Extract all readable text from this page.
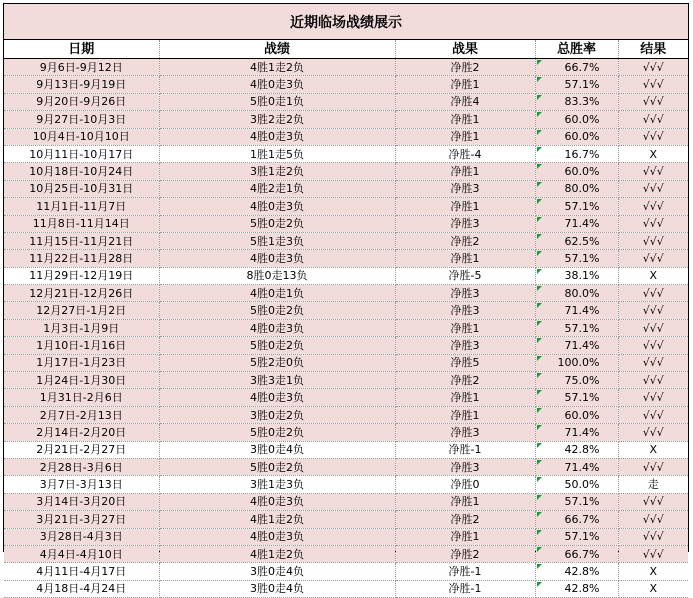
近期临场战绩展示
日期	战绩	战果	总胜率	结果
9月6日-9月12日	4胜1走2负	净胜2	66.7%	√√√
9月13日-9月19日	4胜0走3负	净胜1	57.1%	√√√
9月20日-9月26日	5胜0走1负	净胜4	83.3%	√√√
9月27日-10月3日	3胜2走2负	净胜1	60.0%	√√√
10月4日-10月10日	4胜0走3负	净胜1	60.0%	√√√
10月11日-10月17日	1胜1走5负	净胜-4	16.7%	X
10月18日-10月24日	3胜1走2负	净胜1	60.0%	√√√
10月25日-10月31日	4胜2走1负	净胜3	80.0%	√√√
11月1日-11月7日	4胜0走3负	净胜1	57.1%	√√√
11月8日-11月14日	5胜0走2负	净胜3	71.4%	√√√
11月15日-11月21日	5胜1走3负	净胜2	62.5%	√√√
11月22日-11月28日	4胜0走3负	净胜1	57.1%	√√√
11月29日-12月19日	8胜0走13负	净胜-5	38.1%	X
12月21日-12月26日	4胜0走1负	净胜3	80.0%	√√√
12月27日-1月2日	5胜0走2负	净胜3	71.4%	√√√
1月3日-1月9日	4胜0走3负	净胜1	57.1%	√√√
1月10日-1月16日	5胜0走2负	净胜3	71.4%	√√√
1月17日-1月23日	5胜2走0负	净胜5	100.0%	√√√
1月24日-1月30日	3胜3走1负	净胜2	75.0%	√√√
1月31日-2月6日	4胜0走3负	净胜1	57.1%	√√√
2月7日-2月13日	3胜0走2负	净胜1	60.0%	√√√
2月14日-2月20日	5胜0走2负	净胜3	71.4%	√√√
2月21日-2月27日	3胜0走4负	净胜-1	42.8%	X
2月28日-3月6日	5胜0走2负	净胜3	71.4%	√√√
3月7日-3月13日	3胜1走3负	净胜0	50.0%	走
3月14日-3月20日	4胜0走3负	净胜1	57.1%	√√√
3月21日-3月27日	4胜1走2负	净胜2	66.7%	√√√
3月28日-4月3日	4胜0走3负	净胜1	57.1%	√√√
4月4日-4月10日	4胜1走2负	净胜2	66.7%	√√√
4月11日-4月17日	3胜0走4负	净胜-1	42.8%	X
4月18日-4月24日	3胜0走4负	净胜-1	42.8%	X
